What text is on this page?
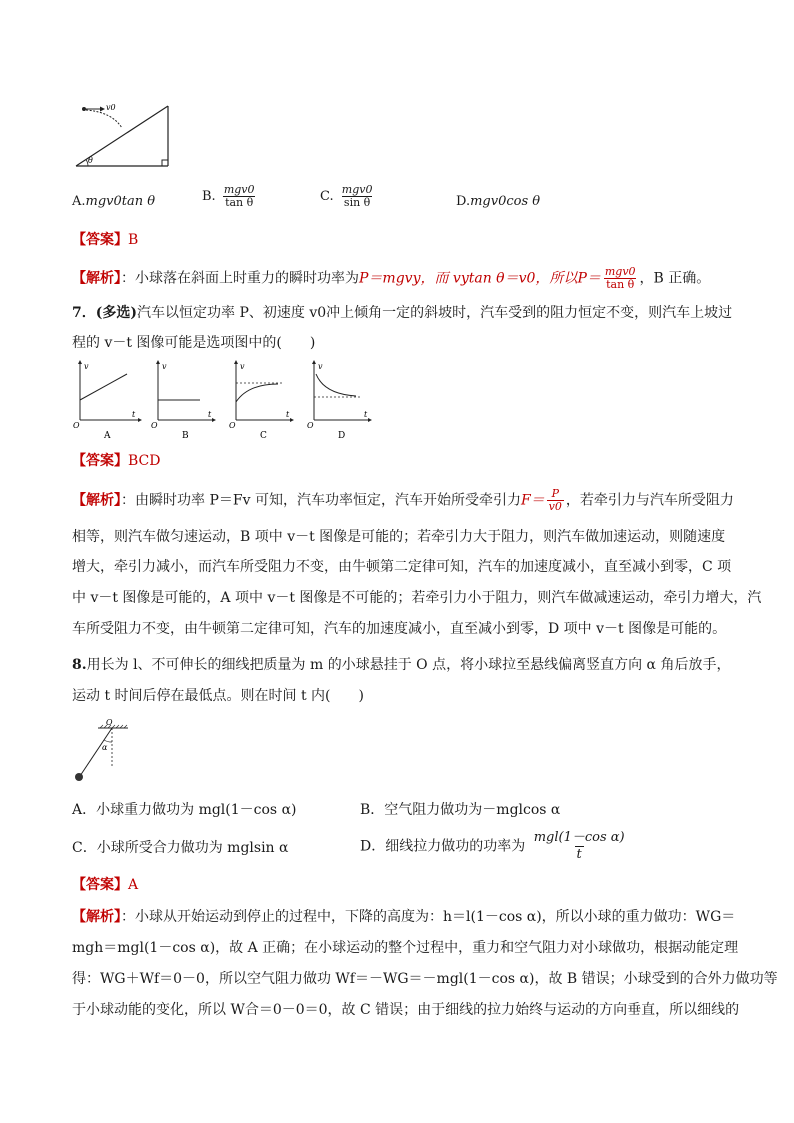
v0
θ
A.mgv0tan θ	B. $\frac{\text{mgv0}}{\text{tan θ}}$	C. $\frac{\text{mgv0}}{\text{sin θ}}$	D.mgv0cos θ
【答案】B
【解析】：小球落在斜面上时重力的瞬时功率为P＝mgvy，而 vytan θ＝v0，所以$P= \frac{\text{mgv0}}{\text{tan θ}}$ ，B 正确。
7．(多选)汽车以恒定功率 P、初速度 v0冲上倾角一定的斜坡时，汽车受到的阻力恒定不变，则汽车上坡过
程的 v－t 图像可能是选项图中的(　　)
v
t
O
A
v
t
O
B
v
t
O
C
v
t
O
D
【答案】BCD
【解析】：由瞬时功率 P＝Fv 可知，汽车功率恒定，汽车开始所受牵引力$F= \frac{P}{v0}$ ，若牵引力与汽车所受阻力
相等，则汽车做匀速运动，B 项中 v－t 图像是可能的；若牵引力大于阻力，则汽车做加速运动，则随速度
增大，牵引力减小，而汽车所受阻力不变，由牛顿第二定律可知，汽车的加速度减小，直至减小到零，C 项
中 v－t 图像是可能的，A 项中 v－t 图像是不可能的；若牵引力小于阻力，则汽车做减速运动，牵引力增大，汽
车所受阻力不变，由牛顿第二定律可知，汽车的加速度减小，直至减小到零，D 项中 v－t 图像是可能的。
8.用长为 l、不可伸长的细线把质量为 m 的小球悬挂于 O 点，将小球拉至悬线偏离竖直方向 α 角后放手，
运动 t 时间后停在最低点。则在时间 t 内(　　)
O
α
A．小球重力做功为 mgl(1－cos α)	B．空气阻力做功为－mglcos α
C．小球所受合力做功为 mglsin α	D．细线拉力做功的功率为 $\frac{\text{mgl(1－cos α)}}{t}$
【答案】A
【解析】：小球从开始运动到停止的过程中，下降的高度为：h＝l(1－cos α)，所以小球的重力做功：WG＝
mgh＝mgl(1－cos α)，故 A 正确；在小球运动的整个过程中，重力和空气阻力对小球做功，根据动能定理
得：WG＋Wf＝0－0，所以空气阻力做功 Wf＝－WG＝－mgl(1－cos α)，故 B 错误；小球受到的合外力做功等
于小球动能的变化，所以 W合＝0－0＝0，故 C 错误；由于细线的拉力始终与运动的方向垂直，所以细线的
